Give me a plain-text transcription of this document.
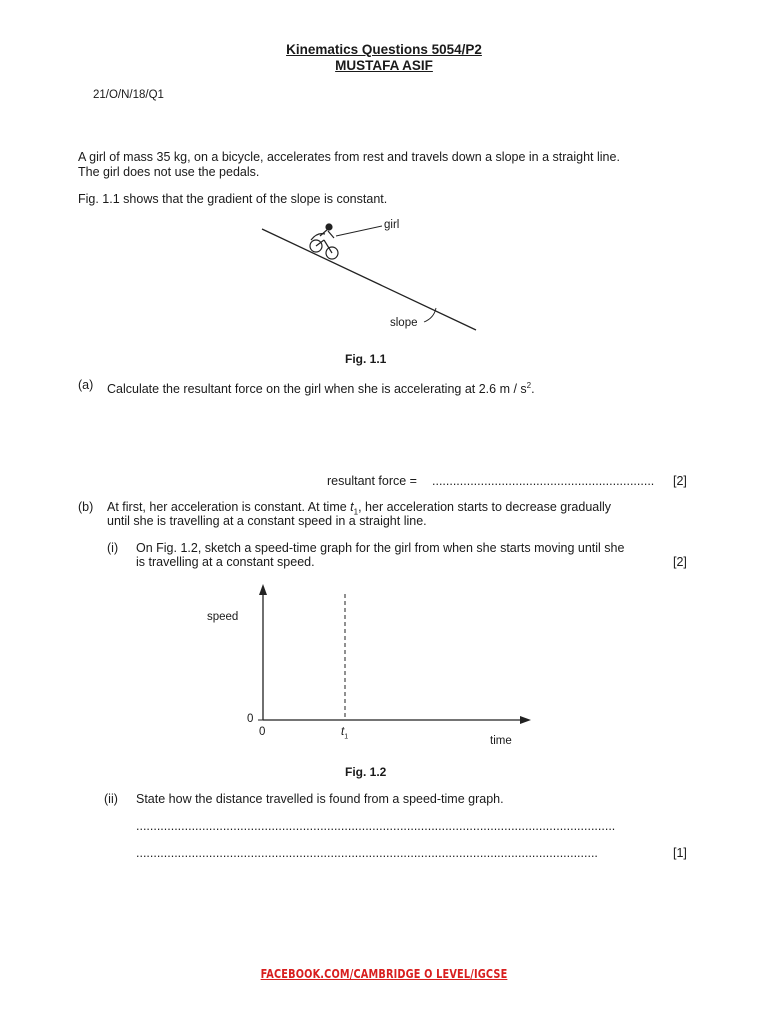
Kinematics Questions 5054/P2
MUSTAFA ASIF
21/O/N/18/Q1
A girl of mass 35 kg, on a bicycle, accelerates from rest and travels down a slope in a straight line.
The girl does not use the pedals.
Fig. 1.1 shows that the gradient of the slope is constant.
girl
slope
Fig. 1.1
(a) Calculate the resultant force on the girl when she is accelerating at 2.6 m / $s^2$.
resultant force = ................................................................	[2]
(b) At first, her acceleration is constant. At time $t_1$, her acceleration starts to decrease gradually
until she is travelling at a constant speed in a straight line.
(i) On Fig. 1.2, sketch a speed-time graph for the girl from when she starts moving until she
is travelling at a constant speed.	[2]
speed
0
0	$t_1$	time
Fig. 1.2
(ii) State how the distance travelled is found from a speed-time graph.
..........................................................................................................................................
.....................................................................................................................................	[1]
FACEBOOK.COM/CAMBRIDGE O LEVEL/IGCSE
